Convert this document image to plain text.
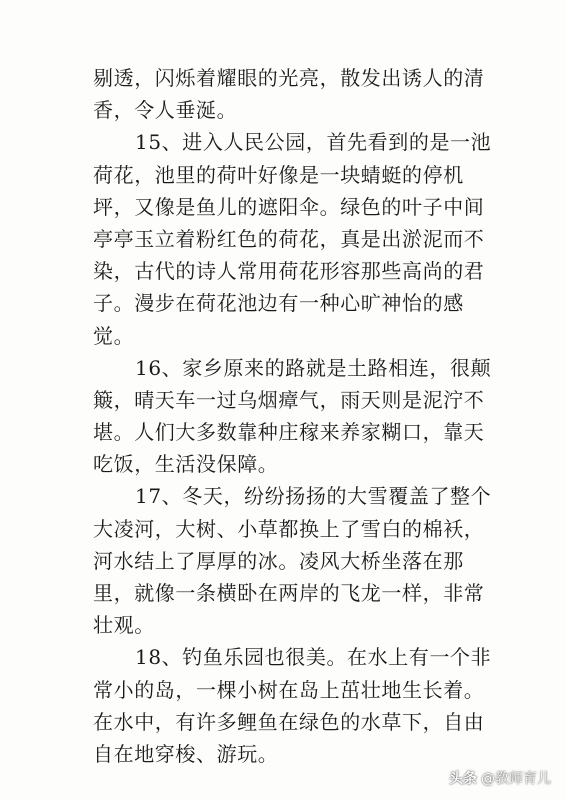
剔透，闪烁着耀眼的光亮，散发出诱人的清
香，令人垂涎。
15、进入人民公园，首先看到的是一池
荷花，池里的荷叶好像是一块蜻蜓的停机
坪，又像是鱼儿的遮阳伞。绿色的叶子中间
亭亭玉立着粉红色的荷花，真是出淤泥而不
染，古代的诗人常用荷花形容那些高尚的君
子。漫步在荷花池边有一种心旷神怡的感
觉。
16、家乡原来的路就是土路相连，很颠
簸，晴天车一过乌烟瘴气，雨天则是泥泞不
堪。人们大多数靠种庄稼来养家糊口，靠天
吃饭，生活没保障。
17、冬天，纷纷扬扬的大雪覆盖了整个
大凌河，大树、小草都换上了雪白的棉袄，
河水结上了厚厚的冰。凌风大桥坐落在那
里，就像一条横卧在两岸的飞龙一样，非常
壮观。
18、钓鱼乐园也很美。在水上有一个非
常小的岛，一棵小树在岛上茁壮地生长着。
在水中，有许多鲤鱼在绿色的水草下，自由
自在地穿梭、游玩。
头条 @教师育儿
